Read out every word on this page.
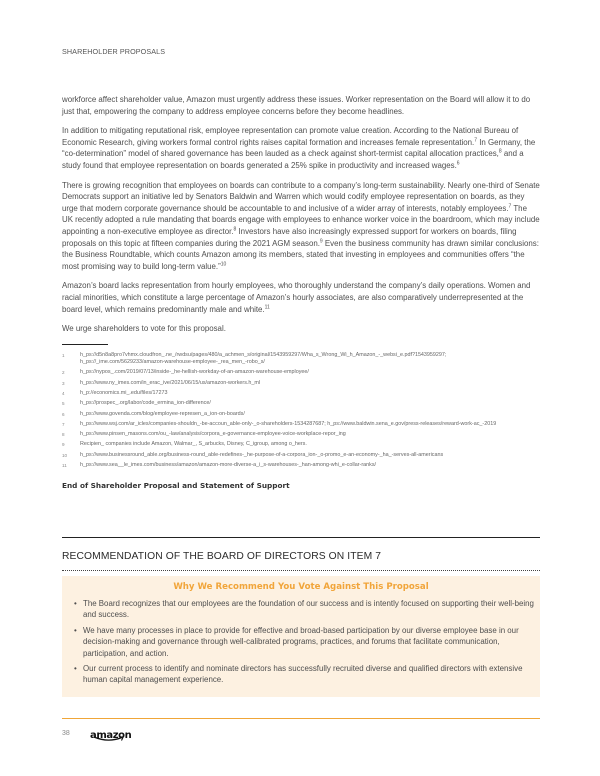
SHAREHOLDER PROPOSALS

workforce affect shareholder value, Amazon must urgently address these issues. Worker representation on the Board will allow it to do just that, empowering the company to address employee concerns before they become headlines.

In addition to mitigating reputational risk, employee representation can promote value creation. According to the National Bureau of Economic Research, giving workers formal control rights raises capital formation and increases female representation.$^7$ In Germany, the “co-determination” model of shared governance has been lauded as a check against short-termist capital allocation practices,$^8$ and a study found that employee representation on boards generated a 25% spike in productivity and increased wages.$^6$

There is growing recognition that employees on boards can contribute to a company’s long-term sustainability. Nearly one-third of Senate Democrats support an initiative led by Senators Baldwin and Warren which would codify employee representation on boards, as they urge that modern corporate governance should be accountable to and inclusive of a wider array of interests, notably employees.$^7$ The UK recently adopted a rule mandating that boards engage with employees to enhance worker voice in the boardroom, which may include appointing a non-executive employee as director.$^8$ Investors have also increasingly expressed support for workers on boards, filing proposals on this topic at fifteen companies during the 2021 AGM season.$^9$ Even the business community has drawn similar conclusions: the Business Roundtable, which counts Amazon among its members, stated that investing in employees and communities offers “the most promising way to build long-term value.”$^{10}$

Amazon’s board lacks representation from hourly employees, who thoroughly understand the company’s daily operations. Women and racial minorities, which constitute a large percentage of Amazon’s hourly associates, are also comparatively underrepresented at the board level, which remains predominantly male and white.$^{11}$

We urge shareholders to vote for this proposal.

1	h_ps://d5n8a8pro7vhmx.cloudfron_.ne_/rwdsu/pages/480/a_achmen_s/original/1543959297/Wha_s_Wrong_Wi_h_Amazon_-_websi_e.pdf?1543959297;
h_ps://_ime.com/5629233/amazon-warehouse-employee-_rea_men_-robo_s/
2	h_ps://nypos_.com/2019/07/13/inside-_he-hellish-workday-of-an-amazon-warehouse-employee/
3	h_ps://www.ny_imes.com/in_erac_ive/2021/06/15/us/amazon-workers.h_ml
4	h_p://economics.mi_.edu/files/17273
5	h_ps://prospec_.org/labor/code_ermina_ion-difference/
6	h_ps://www.govenda.com/blog/employee-represen_a_ion-on-boards/
7	h_ps://www.wsj.com/ar_icles/companies-shouldn_-be-accoun_able-only-_o-shareholders-1534287687; h_ps://www.baldwin.sena_e.gov/press-releases/reward-work-ac_-2019
8	h_ps://www.pinsen_masons.com/ou_-law/analysis/corpora_e-governance-employee-voice-workplace-repor_ing
9	Recipien_ companies include Amazon, Walmar_, S_arbucks, Disney, C_igroup, among o_hers.
10 h_ps://www.businessround_able.org/business-round_able-redefines-_he-purpose-of-a-corpora_ion-_o-promo_e-an-economy-_ha_-serves-all-americans
11 h_ps://www.sea__le_imes.com/business/amazon/amazon-more-diverse-a_i_s-warehouses-_han-among-whi_e-collar-ranks/
End of Shareholder Proposal and Statement of Support
RECOMMENDATION OF THE BOARD OF DIRECTORS ON ITEM 7
Why We Recommend You Vote Against This Proposal
• The Board recognizes that our employees are the foundation of our success and is intently focused on supporting their well-being and success.
• We have many processes in place to provide for effective and broad-based participation by our diverse employee base in our decision-making and governance through well-calibrated programs, practices, and forums that facilitate communication, participation, and action.
• Our current process to identify and nominate directors has successfully recruited diverse and qualified directors with extensive human capital management experience.
38 amazon
